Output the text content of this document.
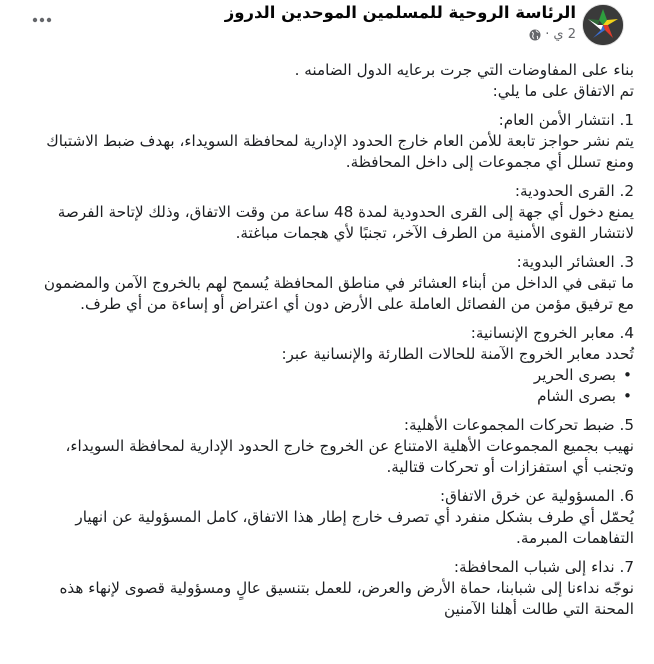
الرئاسة الروحية للمسلمين الموحدين الدروز
2 ي
·

بناء على المفاوضات التي جرت برعايه الدول الضامنه .

تم الاتفاق على ما يلي:

1. انتشار الأمن العام:

يتم نشر حواجز تابعة للأمن العام خارج الحدود الإدارية لمحافظة السويداء، بهدف ضبط الاشتباك

ومنع تسلل أي مجموعات إلى داخل المحافظة.

2. القرى الحدودية:

يمنع دخول أي جهة إلى القرى الحدودية لمدة 48 ساعة من وقت الاتفاق، وذلك لإتاحة الفرصة

لانتشار القوى الأمنية من الطرف الآخر، تجنبًا لأي هجمات مباغتة.

3. العشائر البدوية:

ما تبقى في الداخل من أبناء العشائر في مناطق المحافظة يُسمح لهم بالخروج الآمن والمضمون

مع ترفيق مؤمن من الفصائل العاملة على الأرض دون أي اعتراض أو إساءة من أي طرف.

4. معابر الخروج الإنسانية:

تُحدد معابر الخروج الآمنة للحالات الطارئة والإنسانية عبر:

• بصرى الحرير
• بصرى الشام

5. ضبط تحركات المجموعات الأهلية:

نهيب بجميع المجموعات الأهلية الامتناع عن الخروج خارج الحدود الإدارية لمحافظة السويداء،

وتجنب أي استفزازات أو تحركات قتالية.

6. المسؤولية عن خرق الاتفاق:

يُحمّل أي طرف بشكل منفرد أي تصرف خارج إطار هذا الاتفاق، كامل المسؤولية عن انهيار

التفاهمات المبرمة.

7. نداء إلى شباب المحافظة:

نوجّه نداءنا إلى شبابنا، حماة الأرض والعرض، للعمل بتنسيق عالٍ ومسؤولية قصوى لإنهاء هذه

المحنة التي طالت أهلنا الآمنين
